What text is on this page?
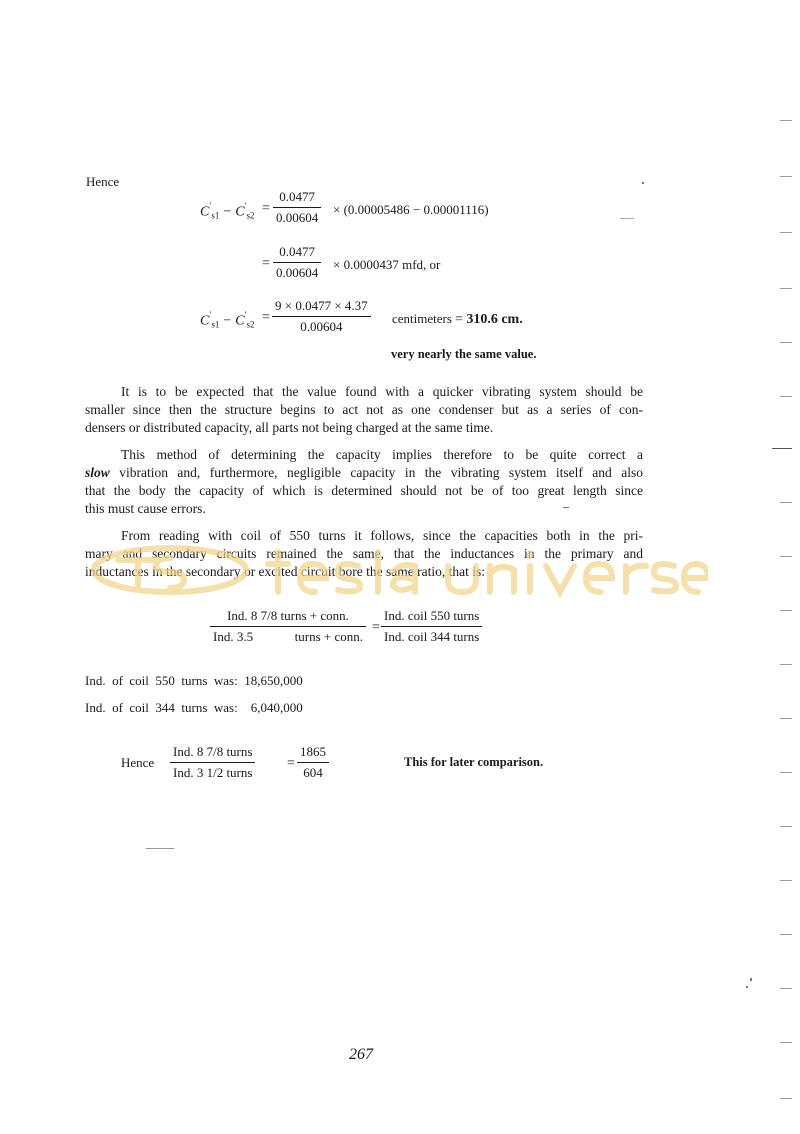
Hence
$C'_{s1} - C'_{s2}$ =
0.0477
0.00604
× (0.00005486 − 0.00001116)
=
0.0477
0.00604
× 0.0000437 mfd, or
$C'_{s1} - C'_{s2}$ =
9 × 0.0477 × 4.37
0.00604
centimeters = 310.6 cm.
very nearly the same value.
It is to be expected that the value found with a quicker vibrating system should be
smaller since then the structure begins to act not as one condenser but as a series of con-
densers or distributed capacity, all parts not being charged at the same time.
This method of determining the capacity implies therefore to be quite correct a
slow vibration and, furthermore, negligible capacity in the vibrating system itself and also
that the body the capacity of which is determined should not be of too great length since
this must cause errors.
From reading with coil of 550 turns it follows, since the capacities both in the pri-
mary and secondary circuits remained the same, that the inductances in the primary and
inductances in the secondary or excited circuit bore the same ratio, that is:
Ind. 8 7/8 turns + conn.
Ind. 3.5	turns + conn.
=
Ind. coil 550 turns
Ind. coil 344 turns
Ind.  of  coil  550  turns  was:  18,650,000
Ind.  of  coil  344  turns  was:    6,040,000
Hence
Ind. 8 7/8 turns
Ind. 3 1/2 turns
=
1865
604
This for later comparison.
267
